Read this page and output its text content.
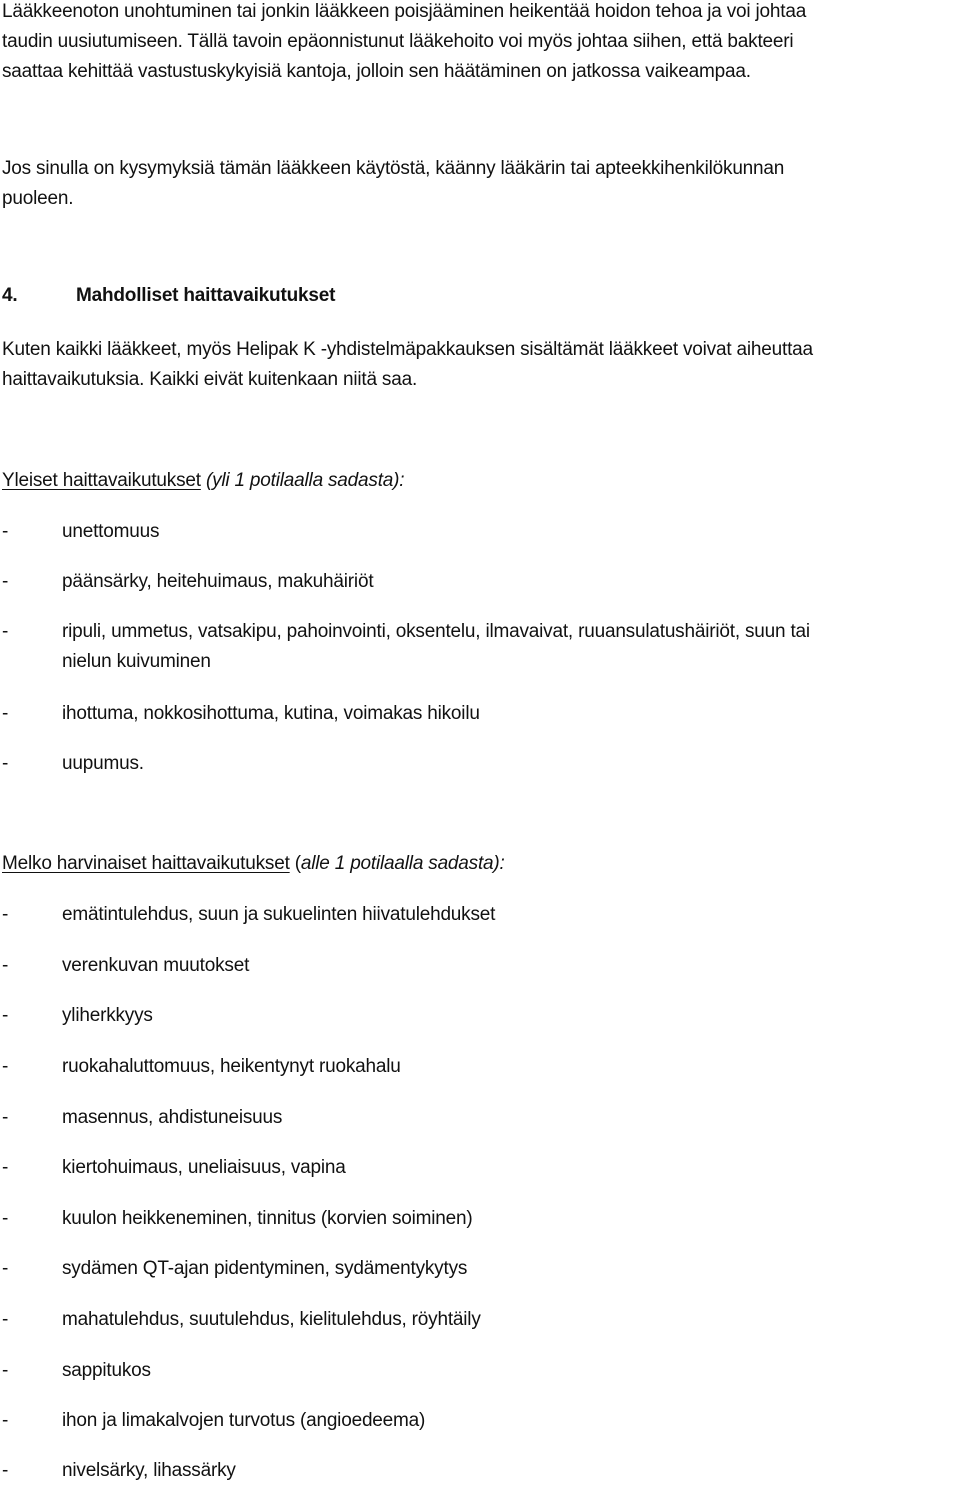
Lääkkeenoton unohtuminen tai jonkin lääkkeen poisjääminen heikentää hoidon tehoa ja voi johtaa
taudin uusiutumiseen. Tällä tavoin epäonnistunut lääkehoito voi myös johtaa siihen, että bakteeri
saattaa kehittää vastustuskykyisiä kantoja, jolloin sen häätäminen on jatkossa vaikeampaa.
Jos sinulla on kysymyksiä tämän lääkkeen käytöstä, käänny lääkärin tai apteekkihenkilökunnan
puoleen.
4.	Mahdolliset haittavaikutukset
Kuten kaikki lääkkeet, myös Helipak K -yhdistelmäpakkauksen sisältämät lääkkeet voivat aiheuttaa
haittavaikutuksia. Kaikki eivät kuitenkaan niitä saa.
Yleiset haittavaikutukset (yli 1 potilaalla sadasta):
-	unettomuus
-	päänsärky, heitehuimaus, makuhäiriöt
-	ripuli, ummetus, vatsakipu, pahoinvointi, oksentelu, ilmavaivat, ruuansulatushäiriöt, suun tai
nielun kuivuminen
-	ihottuma, nokkosihottuma, kutina, voimakas hikoilu
-	uupumus.
Melko harvinaiset haittavaikutukset (alle 1 potilaalla sadasta):
-	emätintulehdus, suun ja sukuelinten hiivatulehdukset
-	verenkuvan muutokset
-	yliherkkyys
-	ruokahaluttomuus, heikentynyt ruokahalu
-	masennus, ahdistuneisuus
-	kiertohuimaus, uneliaisuus, vapina
-	kuulon heikkeneminen, tinnitus (korvien soiminen)
-	sydämen QT-ajan pidentyminen, sydämentykytys
-	mahatulehdus, suutulehdus, kielitulehdus, röyhtäily
-	sappitukos
-	ihon ja limakalvojen turvotus (angioedeema)
-	nivelsärky, lihassärky
